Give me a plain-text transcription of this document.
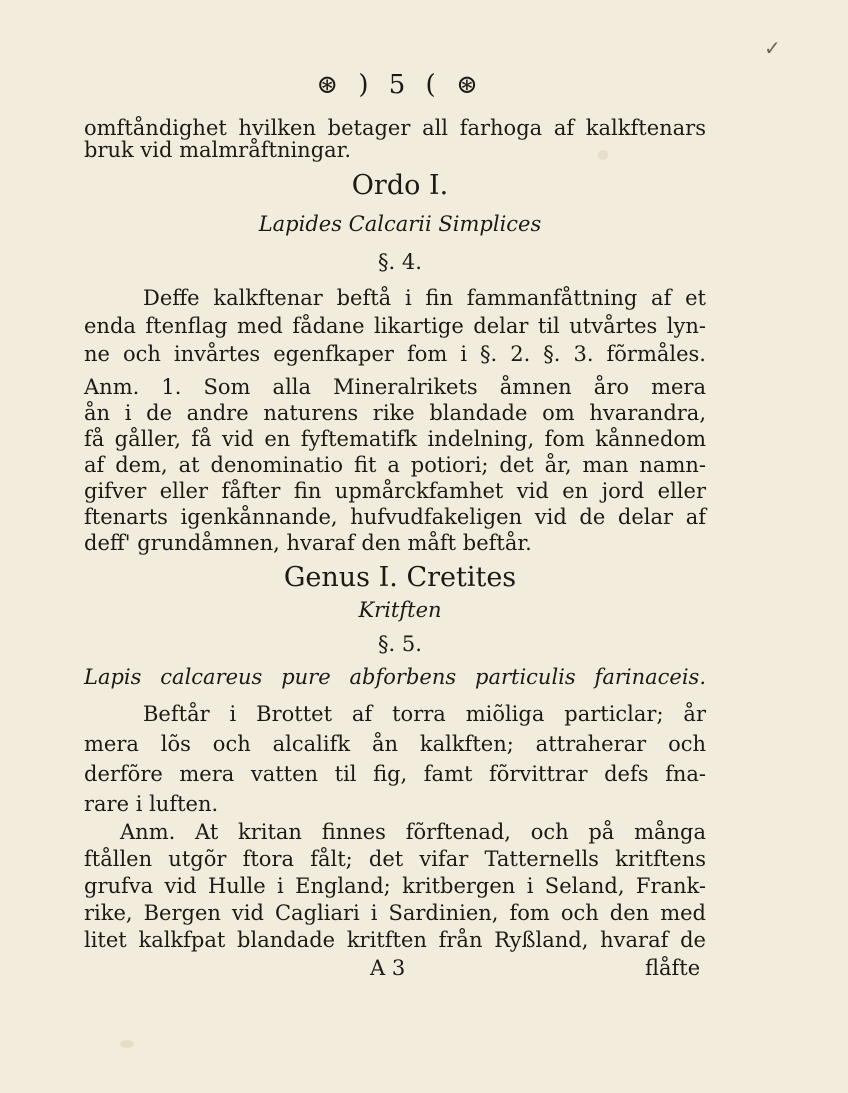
✓
⊛ ) 5 ( ⊛
omftåndighet hvilken betager all farhoga af kalkftenars
bruk vid malmråftningar.
Ordo I.
Lapides Calcarii Simplices
§. 4.
Deffe kalkftenar beftå i fin fammanfåttning af et
enda ftenflag med fådane likartige delar til utvårtes lyn-
ne och invårtes egenfkaper fom i §. 2. §. 3. fõrmåles.
Anm. 1. Som alla Mineralrikets åmnen åro mera
ån i de andre naturens rike blandade om hvarandra,
få gåller, få vid en fyftematifk indelning, fom kånnedom
af dem, at denominatio fit a potiori; det år, man namn-
gifver eller fåfter fin upmårckfamhet vid en jord eller
ftenarts igenkånnande, hufvudfakeligen vid de delar af
deff' grundåmnen, hvaraf den måft beftår.
Genus I. Cretites
Kritften
§. 5.
Lapis calcareus pure abforbens particulis farinaceis.
Beftår i Brottet af torra miõliga particlar; år
mera lõs och alcalifk ån kalkften; attraherar och
derfõre mera vatten til fig, famt fõrvittrar defs fna-
rare i luften.
Anm. At kritan finnes fõrftenad, och på många
ftållen utgõr ftora fålt; det vifar Tatternells kritftens
grufva vid Hulle i England; kritbergen i Seland, Frank-
rike, Bergen vid Cagliari i Sardinien, fom och den med
litet kalkfpat blandade kritften från Ryßland, hvaraf de
A 3	flåfte
